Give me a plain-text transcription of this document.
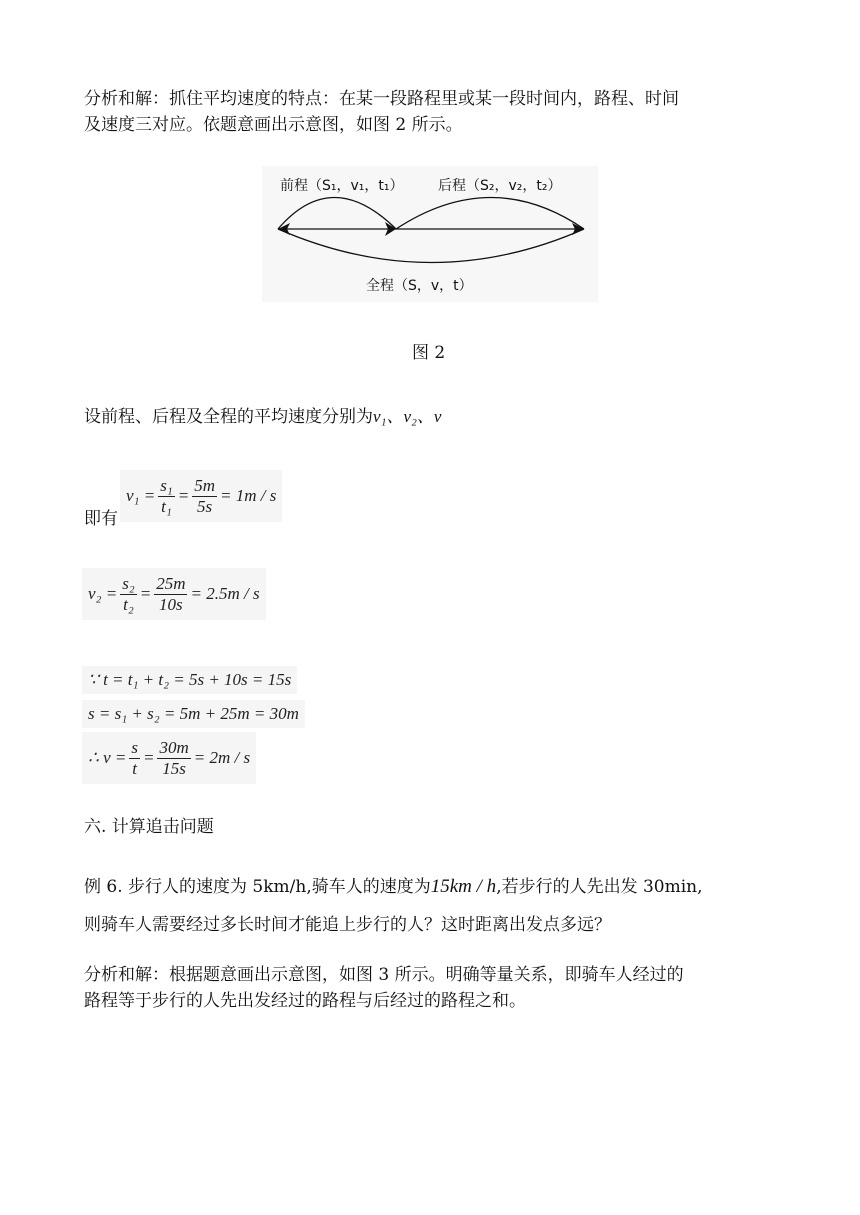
分析和解：抓住平均速度的特点：在某一段路程里或某一段时间内，路程、时间
及速度三对应。依题意画出示意图，如图 2 所示。
前程（S₁，v₁，t₁） 后程（S₂，v₂，t₂）
全程（S，v，t）
图 2
设前程、后程及全程的平均速度分别为v₁、v₂、v
即有
$v_1 = \frac{\text{s₁}}{\text{t₁}} = \frac{5m}{5s} = 1m / s$
$v_2 = \frac{\text{s₂}}{\text{t₂}} = \frac{25m}{10s} = 2.5m / s$
∵ t = t₁ + t₂ = 5s + 10s = 15s
s = s₁ + s₂ = 5m + 25m = 30m
∴ $v = \frac{s}{t} = \frac{30m}{15s} = 2m / s$
六. 计算追击问题
例 6. 步行人的速度为 5km/h,骑车人的速度为15km / h,若步行的人先出发 30min,
则骑车人需要经过多长时间才能追上步行的人？这时距离出发点多远？
分析和解：根据题意画出示意图，如图 3 所示。明确等量关系，即骑车人经过的
路程等于步行的人先出发经过的路程与后经过的路程之和。
